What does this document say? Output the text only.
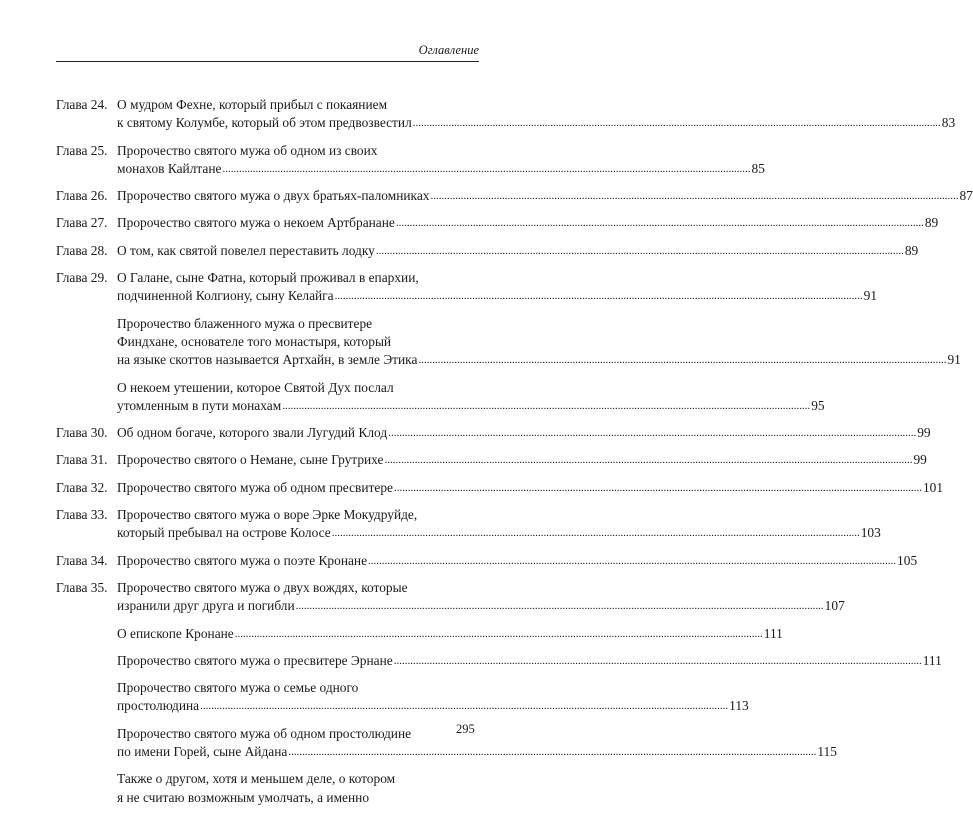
Оглавление
Глава 24. О мудром Фехне, который прибыл с покаянием
к святому Колумбе, который об этом предвозвестил .....	83
Глава 25. Пророчество святого мужа об одном из своих
монахов Кайлтане .....	85
Глава 26. Пророчество святого мужа о двух братьях-паломниках .....	87
Глава 27. Пророчество святого мужа о некоем Артбранане .....	89
Глава 28. О том, как святой повелел переставить лодку .....	89
Глава 29. О Галане, сыне Фатна, который проживал в епархии,
подчиненной Колгиону, сыну Келайга .....	91
Пророчество блаженного мужа о пресвитере
Финдхане, основателе того монастыря, который
на языке скоттов называется Артхайн, в земле Этика .....	91
О некоем утешении, которое Святой Дух послал
утомленным в пути монахам .....	95
Глава 30. Об одном богаче, которого звали Лугудий Клод .....	99
Глава 31. Пророчество святого о Немане, сыне Грутрихе .....	99
Глава 32. Пророчество святого мужа об одном пресвитере .....	101
Глава 33. Пророчество святого мужа о воре Эрке Мокудруйде,
который пребывал на острове Колосе .....	103
Глава 34. Пророчество святого мужа о поэте Кронане .....	105
Глава 35. Пророчество святого мужа о двух вождях, которые
изранили друг друга и погибли .....	107
О епископе Кронане .....	111
Пророчество святого мужа о пресвитере Эрнане .....	111
Пророчество святого мужа о семье одного
простолюдина .....	113
Пророчество святого мужа об одном простолюдине
по имени Горей, сыне Айдана .....	115
Также о другом, хотя и меньшем деле, о котором
я не считаю возможным умолчать, а именно
295
